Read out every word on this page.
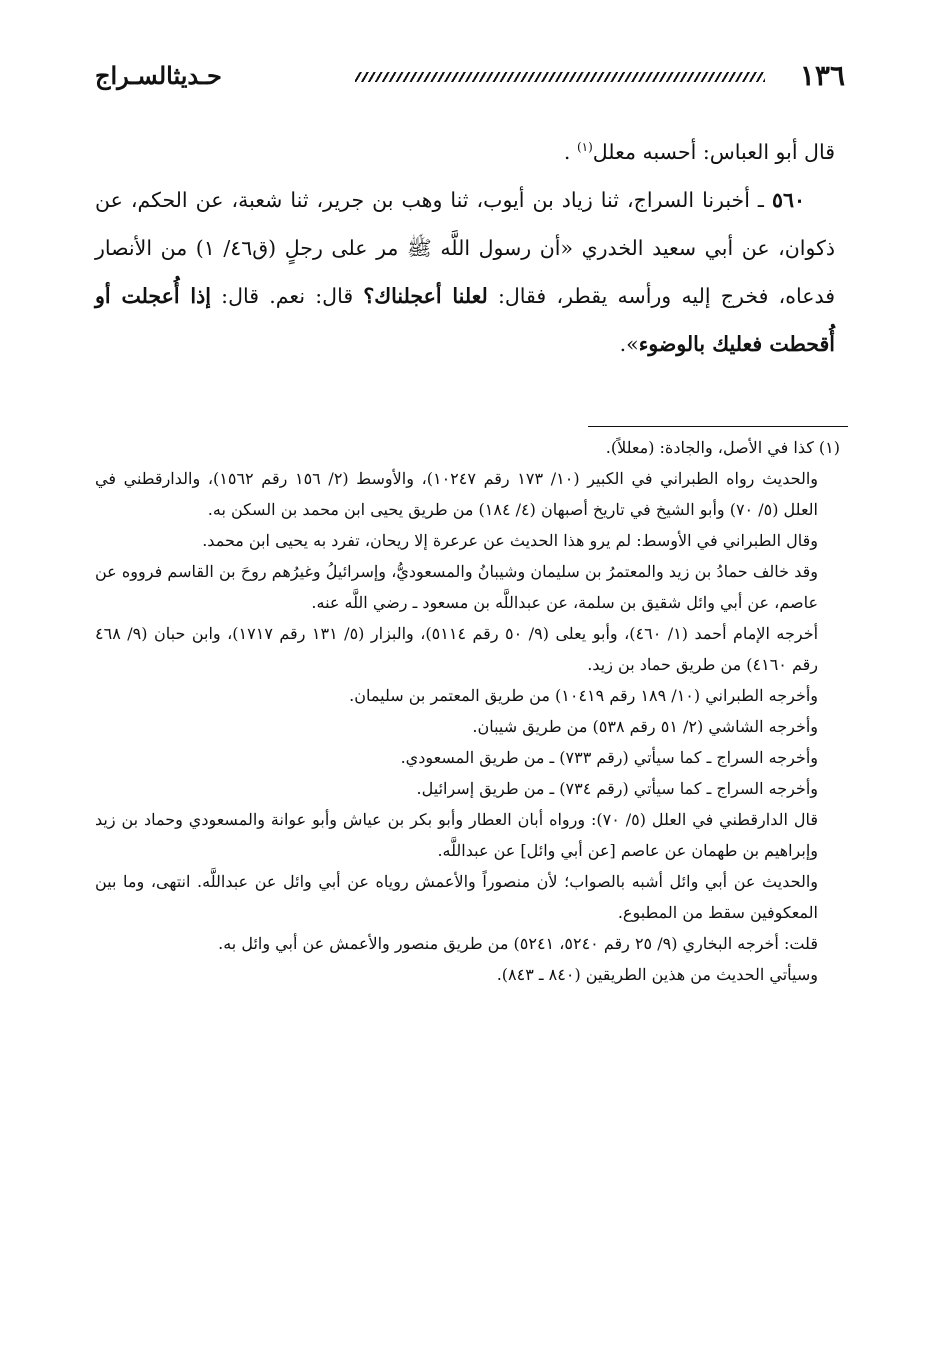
١٣٦
حـديثالسـراج

قال أبو العباس: أحسبه معلل$^{(١)}$ .

٥٦٠ ـ أخبرنا السراج، ثنا زياد بن أيوب، ثنا وهب بن جرير، ثنا شعبة، عن الحكم، عن ذكوان، عن أبي سعيد الخدري «أن رسول اللَّه ﷺ مر على رجلٍ (ق٤٦/ ١) من الأنصار فدعاه، فخرج إليه ورأسه يقطر، فقال: لعلنا أعجلناك؟ قال: نعم. قال: إذا أُعجلت أو أُقحطت فعليك بالوضوء».

(١) كذا في الأصل، والجادة: (معللاً).

والحديث رواه الطبراني في الكبير (١٠/ ١٧٣ رقم ١٠٢٤٧)، والأوسط (٢/ ١٥٦ رقم ١٥٦٢)، والدارقطني في العلل (٥/ ٧٠) وأبو الشيخ في تاريخ أصبهان (٤/ ١٨٤) من طريق يحيى ابن محمد بن السكن به.

وقال الطبراني في الأوسط: لم يرو هذا الحديث عن عرعرة إلا ريحان، تفرد به يحيى ابن محمد.

وقد خالف حمادُ بن زيد والمعتمرُ بن سليمان وشيبانُ والمسعوديُّ، وإسرائيلُ وغيرُهم روحَ بن القاسم فرووه عن عاصم، عن أبي وائل شقيق بن سلمة، عن عبداللَّه بن مسعود ـ رضي اللَّه عنه.

أخرجه الإمام أحمد (١/ ٤٦٠)، وأبو يعلى (٩/ ٥٠ رقم ٥١١٤)، والبزار (٥/ ١٣١ رقم ١٧١٧)، وابن حبان (٩/ ٤٦٨ رقم ٤١٦٠) من طريق حماد بن زيد.

وأخرجه الطبراني (١٠/ ١٨٩ رقم ١٠٤١٩) من طريق المعتمر بن سليمان.

وأخرجه الشاشي (٢/ ٥١ رقم ٥٣٨) من طريق شيبان.

وأخرجه السراج ـ كما سيأتي (رقم ٧٣٣) ـ من طريق المسعودي.

وأخرجه السراج ـ كما سيأتي (رقم ٧٣٤) ـ من طريق إسرائيل.

قال الدارقطني في العلل (٥/ ٧٠): ورواه أبان العطار وأبو بكر بن عياش وأبو عوانة والمسعودي وحماد بن زيد وإبراهيم بن طهمان عن عاصم [عن أبي وائل] عن عبداللَّه.

والحديث عن أبي وائل أشبه بالصواب؛ لأن منصوراً والأعمش روياه عن أبي وائل عن عبداللَّه. انتهى، وما بين المعكوفين سقط من المطبوع.

قلت: أخرجه البخاري (٩/ ٢٥ رقم ٥٢٤٠، ٥٢٤١) من طريق منصور والأعمش عن أبي وائل به.

وسيأتي الحديث من هذين الطريقين (٨٤٠ ـ ٨٤٣).
